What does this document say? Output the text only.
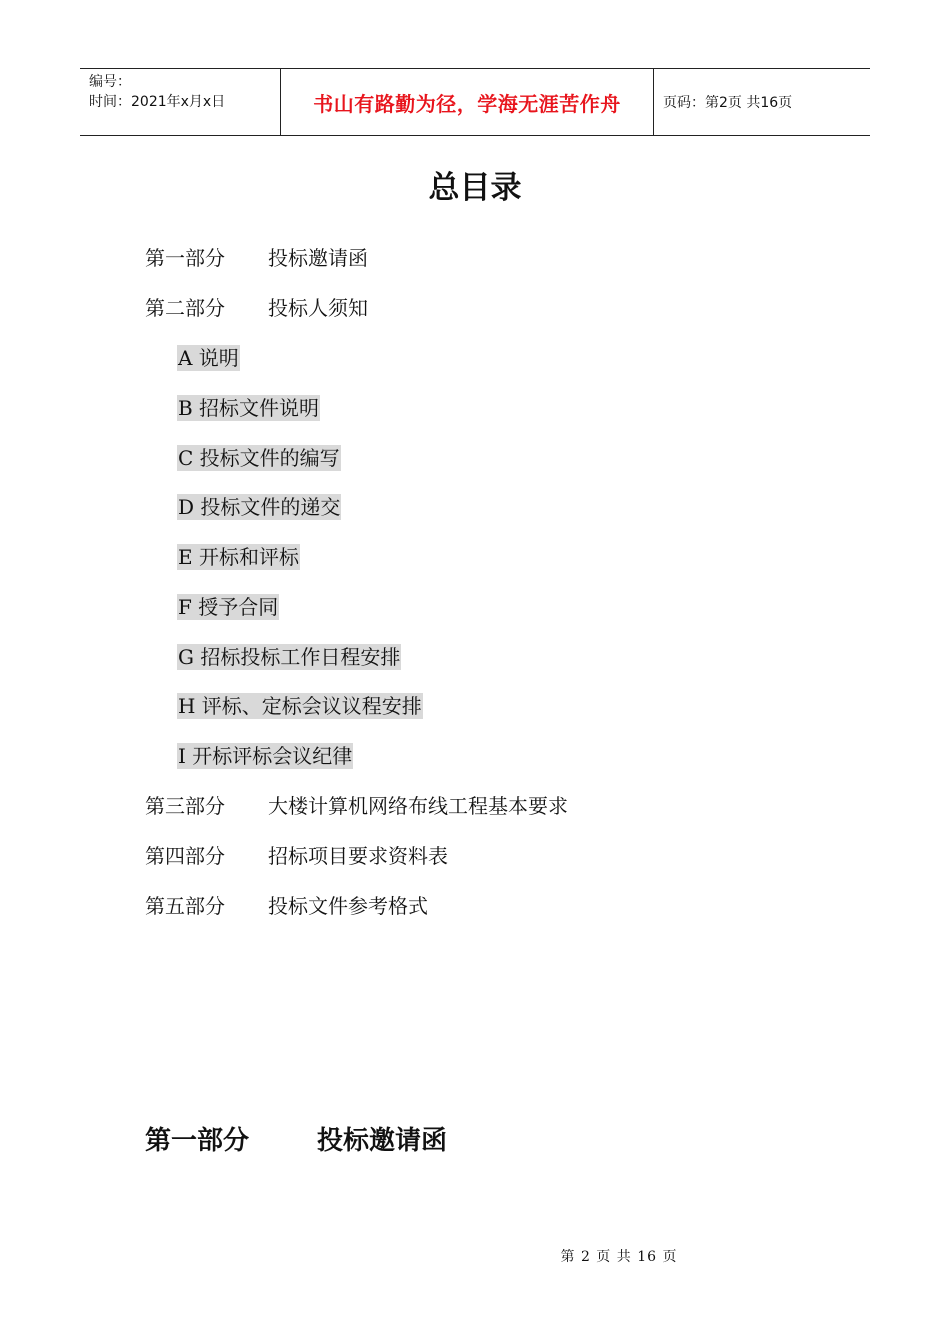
编号：
时间：2021年x月x日	书山有路勤为径，学海无涯苦作舟	页码：第2页 共16页
总目录
第一部分 投标邀请函
第二部分 投标人须知
A 说明
B 招标文件说明
C 投标文件的编写
D 投标文件的递交
E 开标和评标
F 授予合同
G 招标投标工作日程安排
H 评标、定标会议议程安排
I 开标评标会议纪律
第三部分 大楼计算机网络布线工程基本要求
第四部分 招标项目要求资料表
第五部分 投标文件参考格式
第一部分	投标邀请函
第 2 页 共 16 页
